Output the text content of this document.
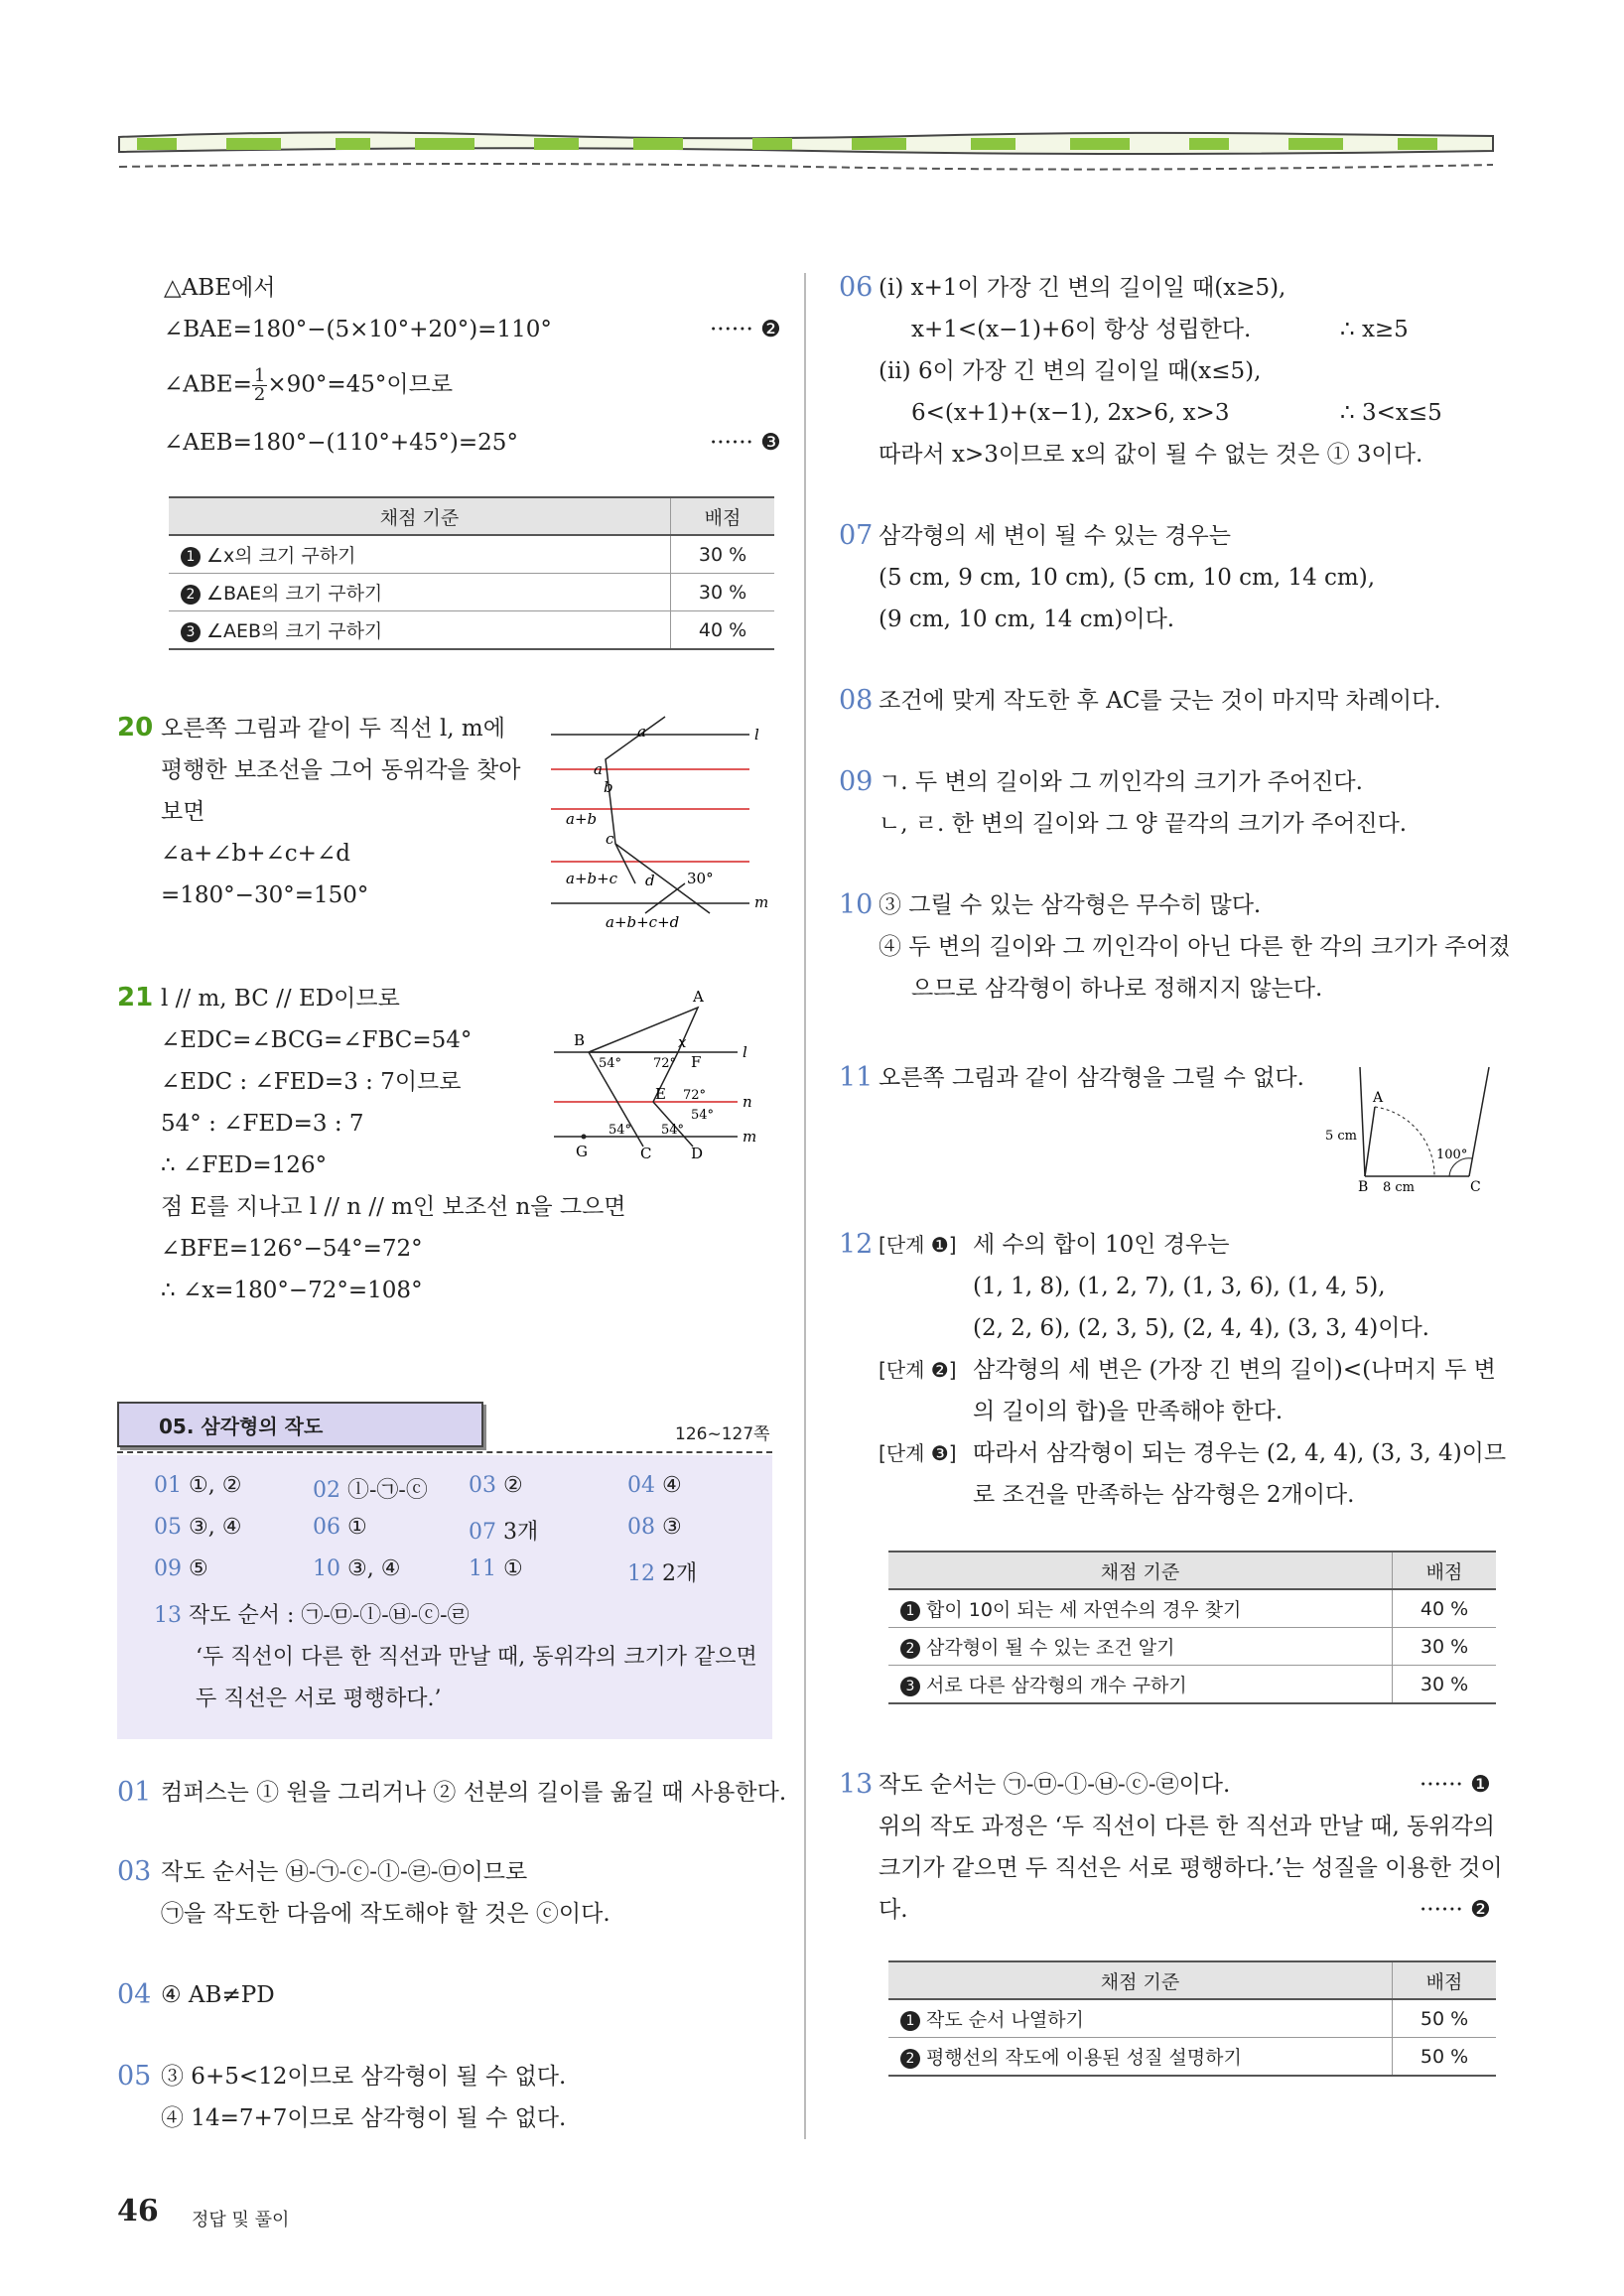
△ABE에서
∠BAE=180°−(5×10°+20°)=110°	······ ❷
∠ABE= $\frac{1}{2} \times 90^\circ=45^\circ$이므로
∠AEB=180°−(110°+45°)=25°	······ ❸
채점 기준	배점
1 ∠x의 크기 구하기	30 %
2 ∠BAE의 크기 구하기	30 %
3 ∠AEB의 크기 구하기	40 %
20 오른쪽 그림과 같이 두 직선 l, m에
평행한 보조선을 그어 동위각을 찾아
보면
∠a+∠b+∠c+∠d
=180°−30°=150°
l
m
a
a
b
a+b
c
a+b+c d 30°
a+b+c+d
21 l // m, BC // ED이므로
∠EDC=∠BCG=∠FBC=54°
∠EDC : ∠FED=3 : 7이므로
54° : ∠FED=3 : 7
∴ ∠FED=126°
점 E를 지나고 l // n // m인 보조선 n을 그으면
∠BFE=126°−54°=72°
∴ ∠x=180°−72°=108°
A
B
C	D
E
F
G
x
l
n
m
54° 72°
72°
54°
54° 54°
05. 삼각형의 작도	126~127쪽
01 ①, ②	02 ⓛ-㉠-ⓒ 03 ②	04 ④
05 ③, ④	06 ①	07 3개	08 ③
09 ⑤	10 ③, ④	11 ①	12 2개
13 작도 순서 : ㉠-㉤-ⓛ-㉥-ⓒ-㉣
‘두 직선이 다른 한 직선과 만날 때, 동위각의 크기가 같으면
두 직선은 서로 평행하다.’
01 컴퍼스는 ① 원을 그리거나 ② 선분의 길이를 옮길 때 사용한다.
03 작도 순서는 ㉥-㉠-ⓒ-ⓛ-㉣-㉤이므로
㉠을 작도한 다음에 작도해야 할 것은 ⓒ이다.
04 ④ AB≠PD
05 ③ 6+5<12이므로 삼각형이 될 수 없다.
④ 14=7+7이므로 삼각형이 될 수 없다.
46 정답 및 풀이
06 (ⅰ) x+1이 가장 긴 변의 길이일 때(x≥5),
x+1<(x−1)+6이 항상 성립한다.	∴ x≥5
(ⅱ) 6이 가장 긴 변의 길이일 때(x≤5),
6<(x+1)+(x−1), 2x>6, x>3	∴ 3<x≤5
따라서 x>3이므로 x의 값이 될 수 없는 것은 ① 3이다.
07 삼각형의 세 변이 될 수 있는 경우는
(5 cm, 9 cm, 10 cm), (5 cm, 10 cm, 14 cm),
(9 cm, 10 cm, 14 cm)이다.
08 조건에 맞게 작도한 후 AC를 긋는 것이 마지막 차례이다.
09 ㄱ. 두 변의 길이와 그 끼인각의 크기가 주어진다.
ㄴ, ㄹ. 한 변의 길이와 그 양 끝각의 크기가 주어진다.
10 ③ 그릴 수 있는 삼각형은 무수히 많다.
④ 두 변의 길이와 그 끼인각이 아닌 다른 한 각의 크기가 주어졌
으므로 삼각형이 하나로 정해지지 않는다.
11 오른쪽 그림과 같이 삼각형을 그릴 수 없다.
A
B	C
5 cm
8 cm
100°
12 [단계 ❶] 세 수의 합이 10인 경우는
(1, 1, 8), (1, 2, 7), (1, 3, 6), (1, 4, 5),
(2, 2, 6), (2, 3, 5), (2, 4, 4), (3, 3, 4)이다.
[단계 ❷] 삼각형의 세 변은 (가장 긴 변의 길이)<(나머지 두 변
의 길이의 합)을 만족해야 한다.
[단계 ❸] 따라서 삼각형이 되는 경우는 (2, 4, 4), (3, 3, 4)이므
로 조건을 만족하는 삼각형은 2개이다.
채점 기준	배점
1 합이 10이 되는 세 자연수의 경우 찾기	40 %
2 삼각형이 될 수 있는 조건 알기	30 %
3 서로 다른 삼각형의 개수 구하기	30 %
13 작도 순서는 ㉠-㉤-ⓛ-㉥-ⓒ-㉣이다.	······ ❶
위의 작도 과정은 ‘두 직선이 다른 한 직선과 만날 때, 동위각의
크기가 같으면 두 직선은 서로 평행하다.’는 성질을 이용한 것이
다.	······ ❷
채점 기준	배점
1 작도 순서 나열하기	50 %
2 평행선의 작도에 이용된 성질 설명하기	50 %
